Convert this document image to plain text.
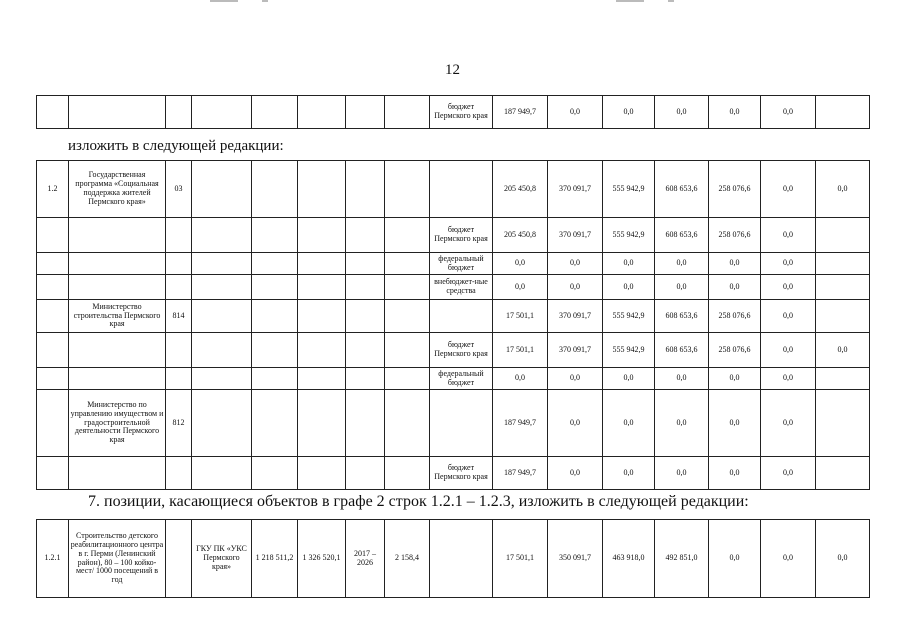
12
								бюджет Пермского края	187 949,7	0,0	0,0	0,0	0,0	0,0	
изложить в следующей редакции:
1.2	Государственная программа «Социальная поддержка жителей Пермского края»	03							205 450,8	370 091,7	555 942,9	608 653,6	258 076,6	0,0	0,0
								бюджет Пермского края	205 450,8	370 091,7	555 942,9	608 653,6	258 076,6	0,0	
								федеральный бюджет	0,0	0,0	0,0	0,0	0,0	0,0	
								внебюджет-ные средства	0,0	0,0	0,0	0,0	0,0	0,0	
	Министерство строительства Пермского края	814							17 501,1	370 091,7	555 942,9	608 653,6	258 076,6	0,0	
								бюджет Пермского края	17 501,1	370 091,7	555 942,9	608 653,6	258 076,6	0,0	0,0
								федеральный бюджет	0,0	0,0	0,0	0,0	0,0	0,0	
	Министерство по управлению имуществом и градостроительной деятельности Пермского края	812							187 949,7	0,0	0,0	0,0	0,0	0,0	
								бюджет Пермского края	187 949,7	0,0	0,0	0,0	0,0	0,0	
7. позиции, касающиеся объектов в графе 2 строк 1.2.1 – 1.2.3, изложить в следующей редакции:
1.2.1	Строительство детского реабилитационного центра в г. Перми (Ленинский район), 80 – 100 койко-мест/ 1000 посещений в год		ГКУ ПК «УКС Пермского края»	1 218 511,2	1 326 520,1	2017 – 2026	2 158,4		17 501,1	350 091,7	463 918,0	492 851,0	0,0	0,0	0,0
